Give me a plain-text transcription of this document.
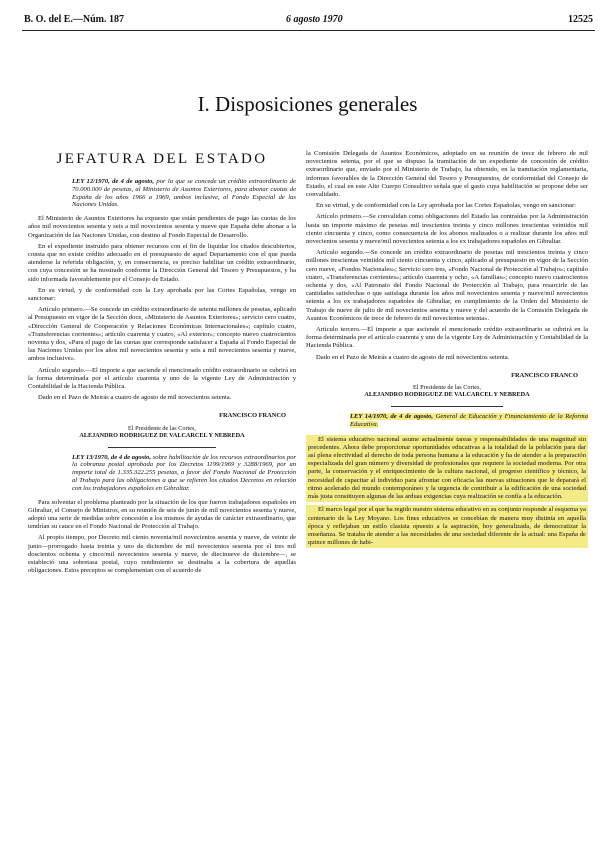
B. O. del E.—Núm. 187	6 agosto 1970	12525
I. Disposiciones generales
JEFATURA DEL ESTADO
LEY 12/1970, de 4 de agosto, por la que se concede un crédito extraordinario de 70.000.000 de pesetas, al Ministerio de Asuntos Exteriores, para abonar cuotas de España de los años 1966 a 1969, ambos inclusive, al Fondo Especial de las Naciones Unidas.

El Ministerio de Asuntos Exteriores ha expuesto que están pendientes de pago las cuotas de los años mil novecientos sesenta y seis a mil novecientos sesenta y nueve que España debe abonar a la Organización de las Naciones Unidas, con destino al Fondo Especial de Desarrollo.

En el expediente instruido para obtener recursos con el fin de liquidar los citados descubiertos, consta que no existe crédito adecuado en el presupuesto de aquel Departamento con el que pueda atenderse la referida obligación, y, en consecuencia, es preciso habilitar un crédito extraordinario, con cuya concesión se ha mostrado conforme la Dirección General del Tesoro y Presupuestos, y ha sido informada favorablemente por el Consejo de Estado.

En su virtud, y de conformidad con la Ley aprobada por las Cortes Españolas, vengo en sancionar:

Artículo primero.—Se concede un crédito extraordinario de setenta millones de pesetas, aplicado al Presupuesto en vigor de la Sección doce, «Ministerio de Asuntos Exteriores»; servicio cero cuatro, «Dirección General de Cooperación y Relaciones Económicas Internacionales»; capítulo cuatro, «Transferencias corrientes»; artículo cuarenta y cuatro, «Al exterior»; concepto nuevo cuatrocientos noventa y dos, «Para el pago de las cuotas que corresponde satisfacer a España al Fondo Especial de las Naciones Unidas por los años mil novecientos sesenta y seis a mil novecientos sesenta y nueve, ambos inclusive».

Artículo segundo.—El importe a que asciende el mencionado crédito extraordinario se cubrirá en la forma determinada por el artículo cuarenta y uno de la vigente Ley de Administración y Contabilidad de la Hacienda Pública.

Dado en el Pazo de Meirás a cuatro de agosto de mil novecientos setenta.

FRANCISCO FRANCO
El Presidente de las Cortes,
ALEJANDRO RODRIGUEZ DE VALCARCEL Y NEBREDA
LEY 13/1970, de 4 de agosto, sobre habilitación de los recursos extraordinarios por la cobranza postal aprobada por los Decretos 1199/1969 y 3288/1969, por un importe total de 1.335.322.255 pesetas, a favor del Fondo Nacional de Protección al Trabajo para las obligaciones a que se refieren los citados Decretos en relación con los trabajadores españoles en Gibraltar.

Para solventar el problema planteado por la situación de los que fueron trabajadores españoles en Gibraltar, el Consejo de Ministros, en su reunión de seis de junio de mil novecientos sesenta y nueve, adoptó una serie de medidas sobre concesión a los mismos de ayudas de carácter extraordinario, que tendrían su cauce en el Fondo Nacional de Protección al Trabajo.

Al propio tiempo, por Decreto mil ciento noventa/mil novecientos sesenta y nueve, de veinte de junio—prorrogado hasta treinta y uno de diciembre de mil novecientos sesenta por el tres mil doscientos ochenta y cinco/mil novecientos sesenta y nueve, de diecinueve de diciembre—, se estableció una sobretasa postal, cuyo rendimiento se destinaba a la cobertura de aquellas obligaciones. Estos preceptos se complementan con el acuerdo de

la Comisión Delegada de Asuntos Económicos, adoptado en su reunión de trece de febrero de mil novecientos setenta, por el que se dispuso la tramitación de un expediente de concesión de crédito extraordinario que, enviado por el Ministerio de Trabajo, ha obtenido, en la tramitación reglamentaria, informes favorables de la Dirección General del Tesoro y Presupuestos, de conformidad del Consejo de Estado, el cual en este Alto Cuerpo Consultivo señala que el gasto cuya habilitación se propone debe ser convalidado.

En su virtud, y de conformidad con la Ley aprobada por las Cortes Españolas, vengo en sancionar:

Artículo primero.—Se convalidan como obligaciones del Estado las contraídas por la Administración hasta un importe máximo de pesetas mil trescientos treinta y cinco millones trescientas veintidós mil ciento cincuenta y cinco, como consecuencia de los abonos realizados o a realizar durante los años mil novecientos sesenta y nueve/mil novecientos setenta a los ex trabajadores españoles en Gibraltar.

Artículo segundo.—Se concede un crédito extraordinario de pesetas mil trescientos treinta y cinco millones trescientas veintidós mil ciento cincuenta y cinco, aplicado al presupuesto en vigor de la Sección cero nueve, «Fondos Nacionales»; Servicio cero tres, «Fondo Nacional de Protección al Trabajo»; capítulo cuatro, «Transferencias corrientes»; artículo cuarenta y ocho, «A familias»; concepto nuevo cuatrocientos ochenta y dos, «Al Patronato del Fondo Nacional de Protección al Trabajo, para resarcirle de las cantidades satisfechas o que satisfaga durante los años mil novecientos sesenta y nueve/mil novecientos setenta a los ex trabajadores españoles de Gibraltar, en cumplimiento de la Orden del Ministerio de Trabajo de nueve de julio de mil novecientos sesenta y nueve y del acuerdo de la Comisión Delegada de Asuntos Económicos de trece de febrero de mil novecientos setenta».

Artículo tercero.—El importe a que asciende el mencionado crédito extraordinario se cubrirá en la forma determinada por el artículo cuarenta y uno de la vigente Ley de Administración y Contabilidad de la Hacienda Pública.

Dado en el Pazo de Meirás a cuatro de agosto de mil novecientos setenta.

FRANCISCO FRANCO
El Presidente de las Cortes,
ALEJANDRO RODRIGUEZ DE VALCARCEL Y NEBREDA
LEY 14/1970, de 4 de agosto, General de Educación y Financiamiento de la Reforma Educativa.

El sistema educativo nacional asume actualmente tareas y responsabilidades de una magnitud sin precedentes. Ahora debe proporcionar oportunidades educativas a la totalidad de la población para dar así plena efectividad al derecho de toda persona humana a la educación y ha de atender a la preparación especializada del gran número y diversidad de profesionales que requiere la sociedad moderna. Por otra parte, la conservación y el enriquecimiento de la cultura nacional, el progreso científico y técnico, la necesidad de capacitar al individuo para afrontar con eficacia las nuevas situaciones que le deparará el ritmo acelerado del mundo contemporáneo y la urgencia de contribuir a la edificación de una sociedad más justa constituyen algunas de las arduas exigencias cuya realización se confía a la educación.

El marco legal por el que ha regido nuestro sistema educativo en su conjunto responde al esquema ya centenario de la Ley Moyano. Los fines educativos se concebían de manera muy distinta en aquella época y reflejaban un estilo clasista opuesto a la aspiración, hoy generalizada, de democratizar la enseñanza. Se trataba de atender a las necesidades de una sociedad diferente de la actual: una España de quince millones de habi-
